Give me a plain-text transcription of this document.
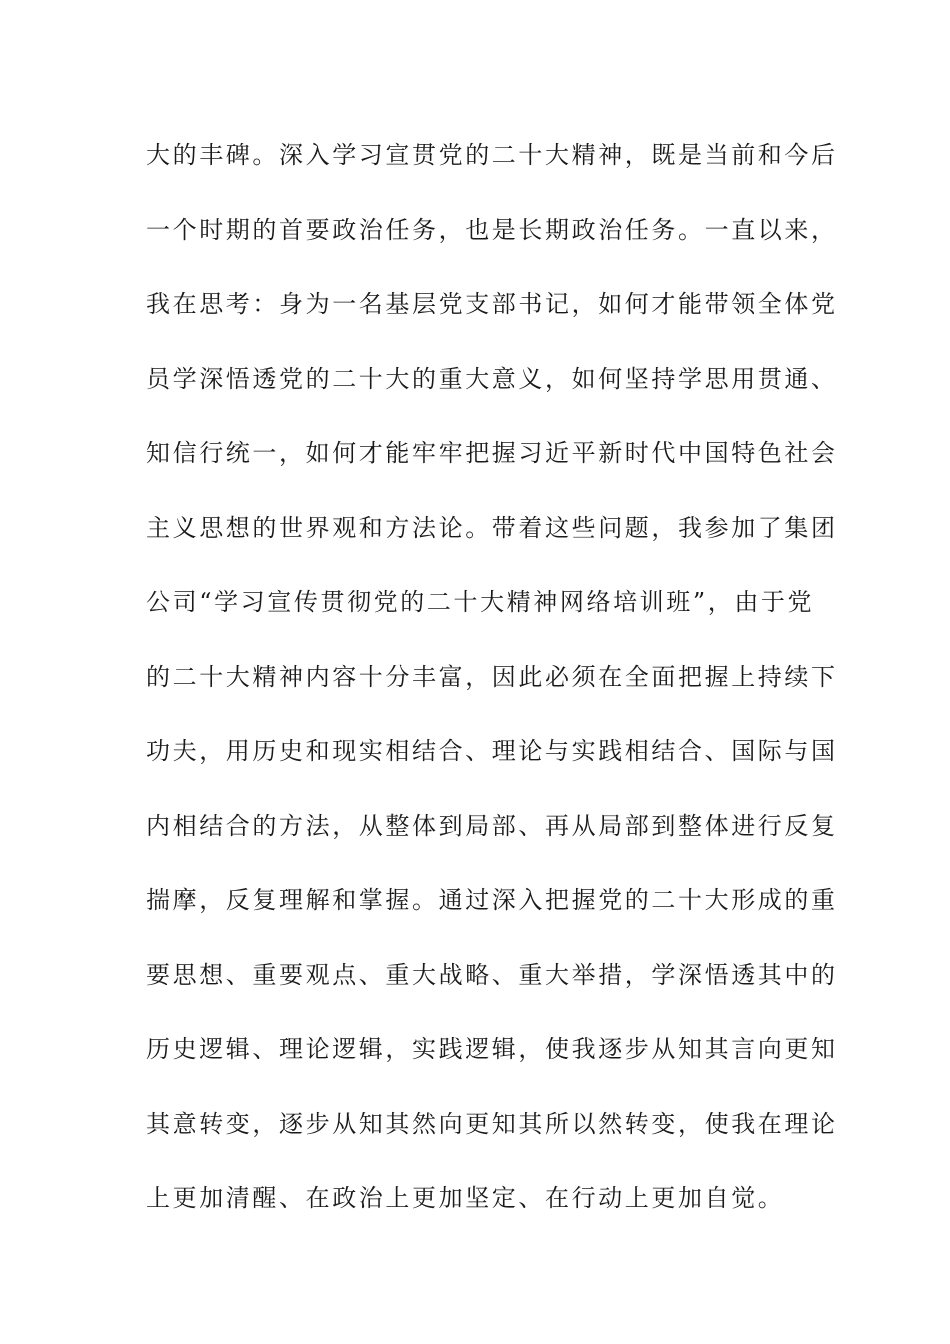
大的丰碑。深入学习宣贯党的二十大精神，既是当前和今后
一个时期的首要政治任务，也是长期政治任务。一直以来，
我在思考：身为一名基层党支部书记，如何才能带领全体党
员学深悟透党的二十大的重大意义，如何坚持学思用贯通、
知信行统一，如何才能牢牢把握习近平新时代中国特色社会
主义思想的世界观和方法论。带着这些问题，我参加了集团
公司“学习宣传贯彻党的二十大精神网络培训班”，由于党
的二十大精神内容十分丰富，因此必须在全面把握上持续下
功夫，用历史和现实相结合、理论与实践相结合、国际与国
内相结合的方法，从整体到局部、再从局部到整体进行反复
揣摩，反复理解和掌握。通过深入把握党的二十大形成的重
要思想、重要观点、重大战略、重大举措，学深悟透其中的
历史逻辑、理论逻辑，实践逻辑，使我逐步从知其言向更知
其意转变，逐步从知其然向更知其所以然转变，使我在理论
上更加清醒、在政治上更加坚定、在行动上更加自觉。
